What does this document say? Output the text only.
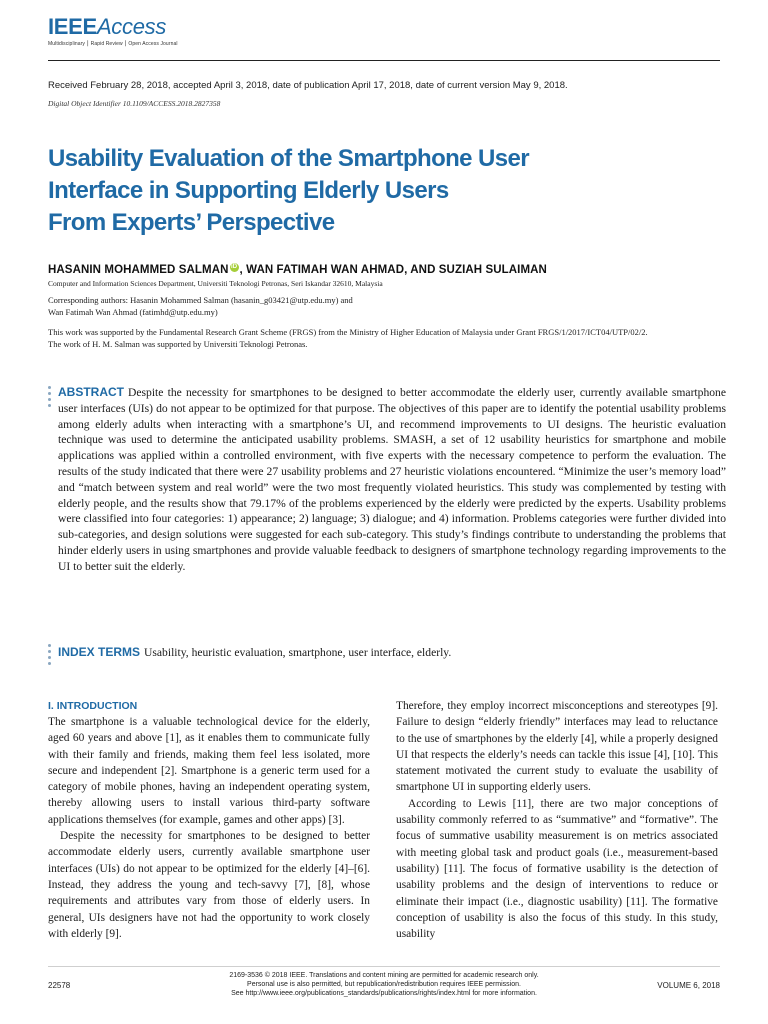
IEEEAccess
Multidisciplinary ⎮ Rapid Review ⎮ Open Access Journal
Received February 28, 2018, accepted April 3, 2018, date of publication April 17, 2018, date of current version May 9, 2018.
Digital Object Identifier 10.1109/ACCESS.2018.2827358
Usability Evaluation of the Smartphone User
Interface in Supporting Elderly Users
From Experts’ Perspective
HASANIN MOHAMMED SALMAN iD , WAN FATIMAH WAN AHMAD, AND SUZIAH SULAIMAN
Computer and Information Sciences Department, Universiti Teknologi Petronas, Seri Iskandar 32610, Malaysia
Corresponding authors: Hasanin Mohammed Salman (hasanin_g03421@utp.edu.my) and
Wan Fatimah Wan Ahmad (fatimhd@utp.edu.my)
This work was supported by the Fundamental Research Grant Scheme (FRGS) from the Ministry of Higher Education of Malaysia under Grant FRGS/1/2017/ICT04/UTP/02/2. The work of H. M. Salman was supported by Universiti Teknologi Petronas.
ABSTRACT Despite the necessity for smartphones to be designed to better accommodate the elderly user, currently available smartphone user interfaces (UIs) do not appear to be optimized for that purpose. The objectives of this paper are to identify the potential usability problems among elderly adults when interacting with a smartphone’s UI, and recommend improvements to UI designs. The heuristic evaluation technique was used to determine the anticipated usability problems. SMASH, a set of 12 usability heuristics for smartphone and mobile applications was applied within a controlled environment, with five experts with the necessary competence to perform the evaluation. The results of the study indicated that there were 27 usability problems and 27 heuristic violations encountered. “Minimize the user’s memory load” and “match between system and real world” were the two most frequently violated heuristics. This study was complemented by testing with elderly people, and the results show that 79.17% of the problems experienced by the elderly were predicted by the experts. Usability problems were classified into four categories: 1) appearance; 2) language; 3) dialogue; and 4) information. Problems categories were further divided into sub-categories, and design solutions were suggested for each sub-category. This study’s findings contribute to understanding the problems that hinder elderly users in using smartphones and provide valuable feedback to designers of smartphone technology regarding improvements to the UI to better suit the elderly.
INDEX TERMS Usability, heuristic evaluation, smartphone, user interface, elderly.
I. INTRODUCTION

The smartphone is a valuable technological device for the elderly, aged 60 years and above [1], as it enables them to communicate fully with their family and friends, making them feel less isolated, more secure and independent [2]. Smartphone is a generic term used for a category of mobile phones, having an independent operating system, thereby allowing users to install various third-party software applications themselves (for example, games and other apps) [3].

Despite the necessity for smartphones to be designed to better accommodate elderly users, currently available smartphone user interfaces (UIs) do not appear to be optimized for the elderly [4]–[6]. Instead, they address the young and tech-savvy [7], [8], whose requirements and attributes vary from those of elderly users. In general, UIs designers have not had the opportunity to work closely with elderly [9].

Therefore, they employ incorrect misconceptions and stereotypes [9]. Failure to design “elderly friendly” interfaces may lead to reluctance to the use of smartphones by the elderly [4], while a properly designed UI that respects the elderly’s needs can tackle this issue [4], [10]. This statement motivated the current study to evaluate the usability of smartphone UI in supporting elderly users.

According to Lewis [11], there are two major conceptions of usability commonly referred to as “summative” and “formative”. The focus of summative usability measurement is on metrics associated with meeting global task and product goals (i.e., measurement-based usability) [11]. The focus of formative usability is the detection of usability problems and the design of interventions to reduce or eliminate their impact (i.e., diagnostic usability) [11]. The formative conception of usability is also the focus of this study. In this study, usability

22578
2169-3536 © 2018 IEEE. Translations and content mining are permitted for academic research only.
Personal use is also permitted, but republication/redistribution requires IEEE permission.
See http://www.ieee.org/publications_standards/publications/rights/index.html for more information.
VOLUME 6, 2018
